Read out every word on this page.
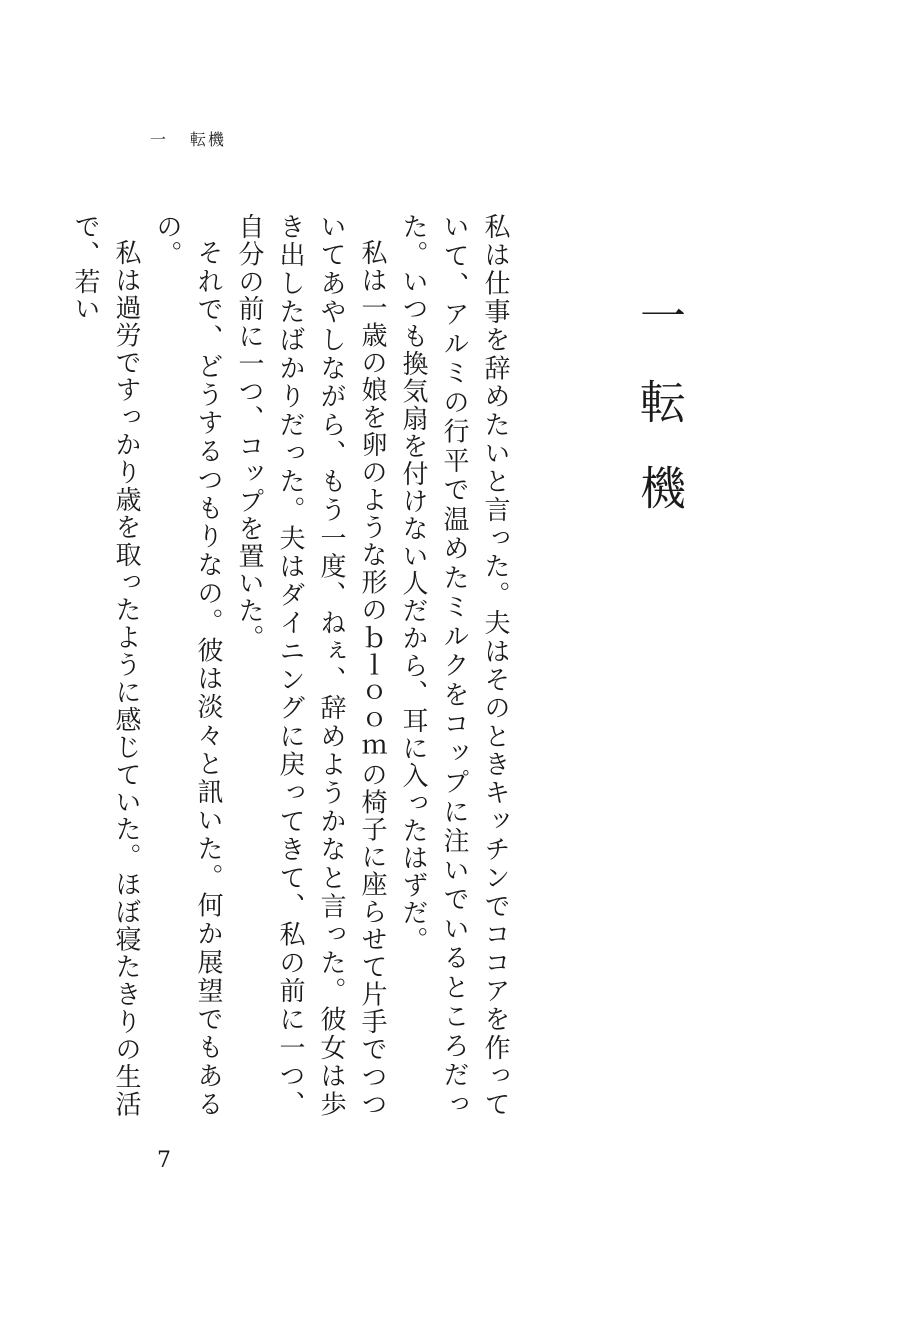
一 転機
一転機

私は仕事を辞めたいと言った。夫はそのときキッチンでココアを作っていて、アルミの行平で温めたミルクをコップに注いでいるところだった。いつも換気扇を付けない人だから、耳に入ったはずだ。

私は一歳の娘を卵のような形のｂｌｏｏｍの椅子に座らせて片手でつついてあやしながら、もう一度、ねぇ、辞めようかなと言った。彼女は歩き出したばかりだった。夫はダイニングに戻ってきて、私の前に一つ、自分の前に一つ、コップを置いた。

それで、どうするつもりなの。彼は淡々と訊いた。何か展望でもあるの。

私は過労ですっかり歳を取ったように感じていた。ほぼ寝たきりの生活で、若い

7
